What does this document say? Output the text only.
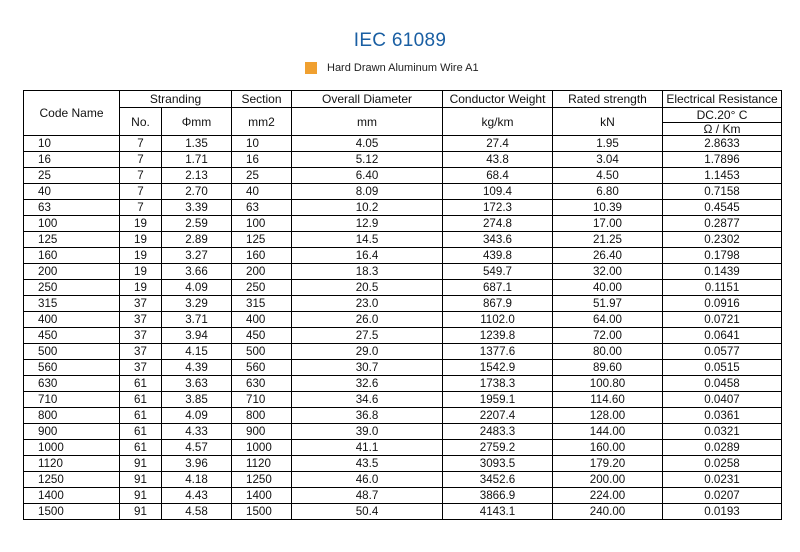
IEC 61089
Hard Drawn Aluminum Wire A1
Code Name	Stranding		Section	Overall Diameter	Conductor Weight	Rated strength	Electrical Resistance
	No.	Φmm	mm2	mm	kg/km	kN	DC.20° C
							Ω / Km
10	7	1.35	10	4.05	27.4	1.95	2.8633
16	7	1.71	16	5.12	43.8	3.04	1.7896
25	7	2.13	25	6.40	68.4	4.50	1.1453
40	7	2.70	40	8.09	109.4	6.80	0.7158
63	7	3.39	63	10.2	172.3	10.39	0.4545
100	19	2.59	100	12.9	274.8	17.00	0.2877
125	19	2.89	125	14.5	343.6	21.25	0.2302
160	19	3.27	160	16.4	439.8	26.40	0.1798
200	19	3.66	200	18.3	549.7	32.00	0.1439
250	19	4.09	250	20.5	687.1	40.00	0.1151
315	37	3.29	315	23.0	867.9	51.97	0.0916
400	37	3.71	400	26.0	1102.0	64.00	0.0721
450	37	3.94	450	27.5	1239.8	72.00	0.0641
500	37	4.15	500	29.0	1377.6	80.00	0.0577
560	37	4.39	560	30.7	1542.9	89.60	0.0515
630	61	3.63	630	32.6	1738.3	100.80	0.0458
710	61	3.85	710	34.6	1959.1	114.60	0.0407
800	61	4.09	800	36.8	2207.4	128.00	0.0361
900	61	4.33	900	39.0	2483.3	144.00	0.0321
1000	61	4.57	1000	41.1	2759.2	160.00	0.0289
1120	91	3.96	1120	43.5	3093.5	179.20	0.0258
1250	91	4.18	1250	46.0	3452.6	200.00	0.0231
1400	91	4.43	1400	48.7	3866.9	224.00	0.0207
1500	91	4.58	1500	50.4	4143.1	240.00	0.0193
